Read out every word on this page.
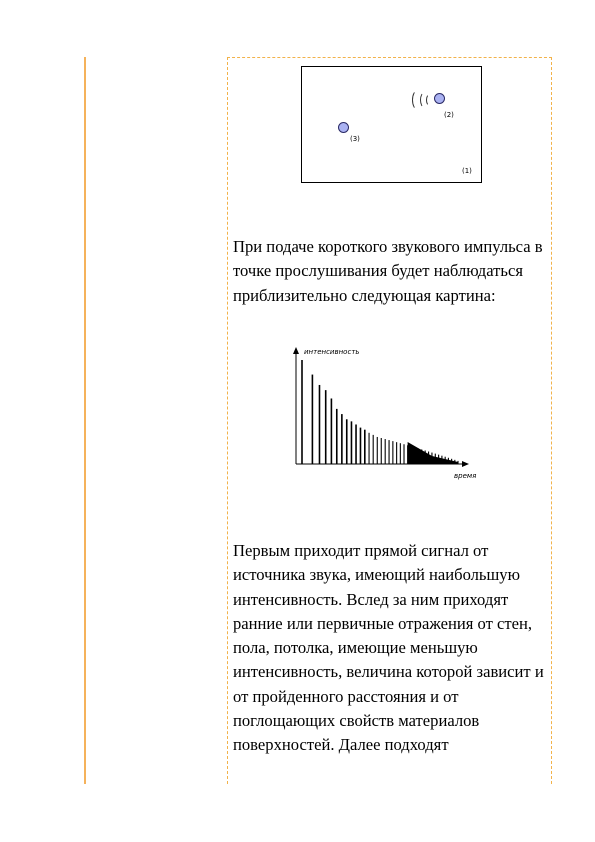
(2)
(3)
(1)

При подаче короткого звукового импульса в точке прослушивания будет наблюдаться приблизительно следующая картина:

интенсивность
время

Первым приходит прямой сигнал от источника звука, имеющий наибольшую интенсивность. Вслед за ним приходят ранние или первичные отражения от стен, пола, потолка, имеющие меньшую интенсивность, величина которой зависит и от пройденного расстояния и от поглощающих свойств материалов поверхностей. Далее подходят
